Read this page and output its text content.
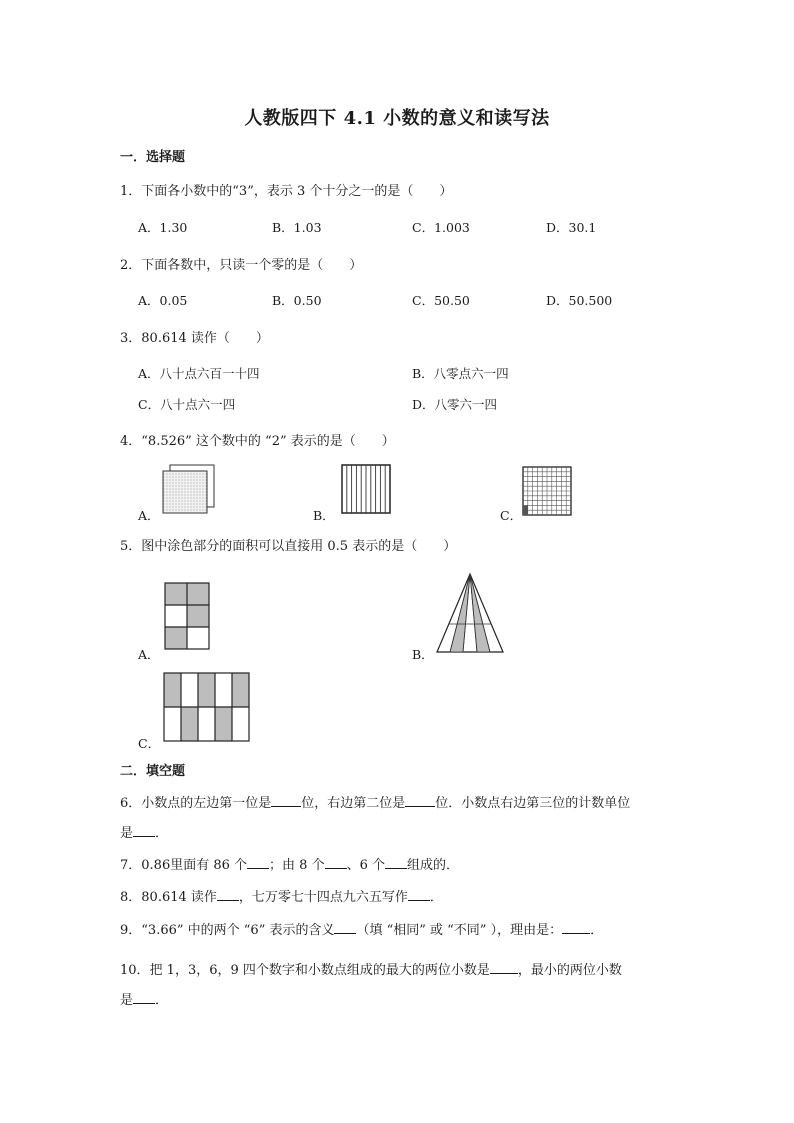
人教版四下 4.1 小数的意义和读写法
一．选择题
1．下面各小数中的“3”，表示 3 个十分之一的是（　　）
A．1.30	B．1.03	C．1.003	D．30.1
2．下面各数中，只读一个零的是（　　）
A．0.05	B．0.50	C．50.50	D．50.500
3．80.614 读作（　　）
A．八十点六百一十四	B．八零点六一四
C．八十点六一四	D．八零六一四
4．“8.526” 这个数中的 “2” 表示的是（　　）
A．	B．	C．
5．图中涂色部分的面积可以直接用 0.5 表示的是（　　）
A．	B．
C．
二．填空题
6．小数点的左边第一位是 位，右边第二位是 位．小数点右边第三位的计数单位
是 ．
7．0.86里面有 86 个 ；由 8 个 、6 个 组成的．
8．80.614 读作 ，七万零七十四点九六五写作 ．
9．“3.66” 中的两个 “6” 表示的含义 （填 “相同” 或 “不同” ），理由是： ．
10．把 1，3，6，9 四个数字和小数点组成的最大的两位小数是 ，最小的两位小数
是 ．
